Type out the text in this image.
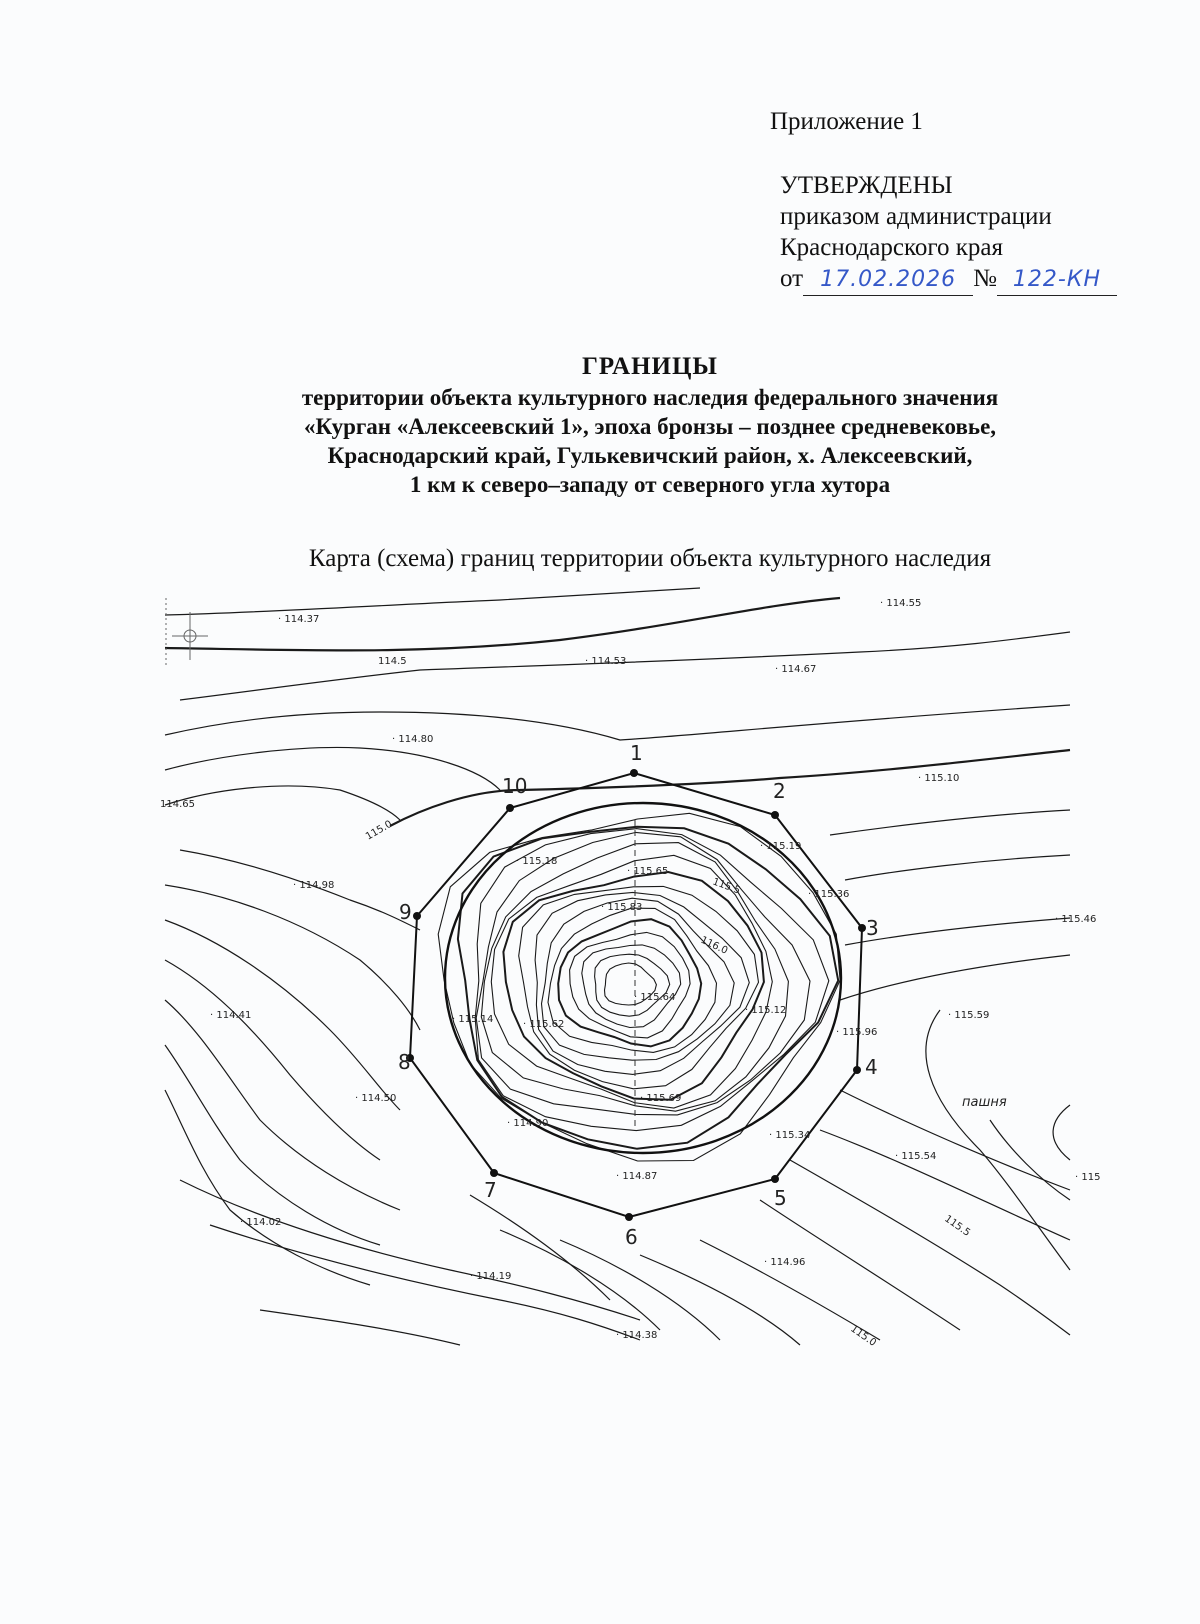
Приложение 1
УТВЕРЖДЕНЫ
приказом администрации
Краснодарского края
от 17.02.2026 № 122-КН
ГРАНИЦЫ
территории объекта культурного наследия федерального значения
«Курган «Алексеевский 1», эпоха бронзы – позднее средневековье,
Краснодарский край, Гулькевичский район, х. Алексеевский,
1 км к северо–западу от северного угла хутора
Карта (схема) границ территории объекта культурного наследия
1
2
3
4
5
6
7
8
9
10
· 114.37
· 114.53
· 114.67
· 114.55
· 114.80
· 115.10
· 114.98
· 115.46
· 114.41	· 115.59
· 114.50
· 115.54
· 114.02
· 114.19
· 114.96
· 114.38
· 115.65
· 115.19
· 115.18
· 115.36
· 115.83
· 115.64
· 115.14	· 115.62
· 115.12
· 115.96
· 115.69
· 114.90
· 115.34
· 114.87	· 115
114.5
115.0
115.5
116.0
115.5
115.0
114.65
пашня
